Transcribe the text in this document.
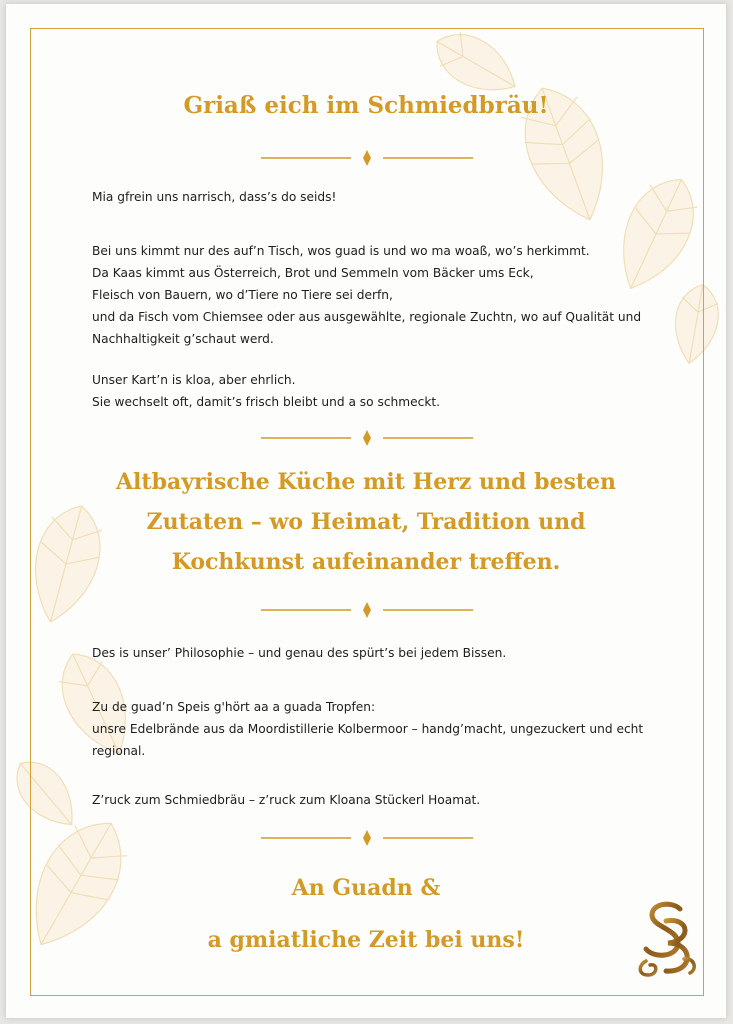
Griaß eich im Schmiedbräu!

Mia gfrein uns narrisch, dass’s do seids!

Bei uns kimmt nur des auf’n Tisch, wos guad is und wo ma woaß, wo’s herkimmt.
Da Kaas kimmt aus Österreich, Brot und Semmeln vom Bäcker ums Eck,
Fleisch von Bauern, wo d’Tiere no Tiere sei derfn,
und da Fisch vom Chiemsee oder aus ausgewählte, regionale Zuchtn, wo auf Qualität und
Nachhaltigkeit g’schaut werd.
Unser Kart’n is kloa, aber ehrlich.
Sie wechselt oft, damit’s frisch bleibt und a so schmeckt.
Altbayrische Küche mit Herz und besten
Zutaten – wo Heimat, Tradition und
Kochkunst aufeinander treffen.

Des is unser’ Philosophie – und genau des spürt’s bei jedem Bissen.

Zu de guad’n Speis g'hört aa a guada Tropfen:
unsre Edelbrände aus da Moordistillerie Kolbermoor – handg’macht, ungezuckert und echt
regional.

Z’ruck zum Schmiedbräu – z’ruck zum Kloana Stückerl Hoamat.

An Guadn &
a gmiatliche Zeit bei uns!
